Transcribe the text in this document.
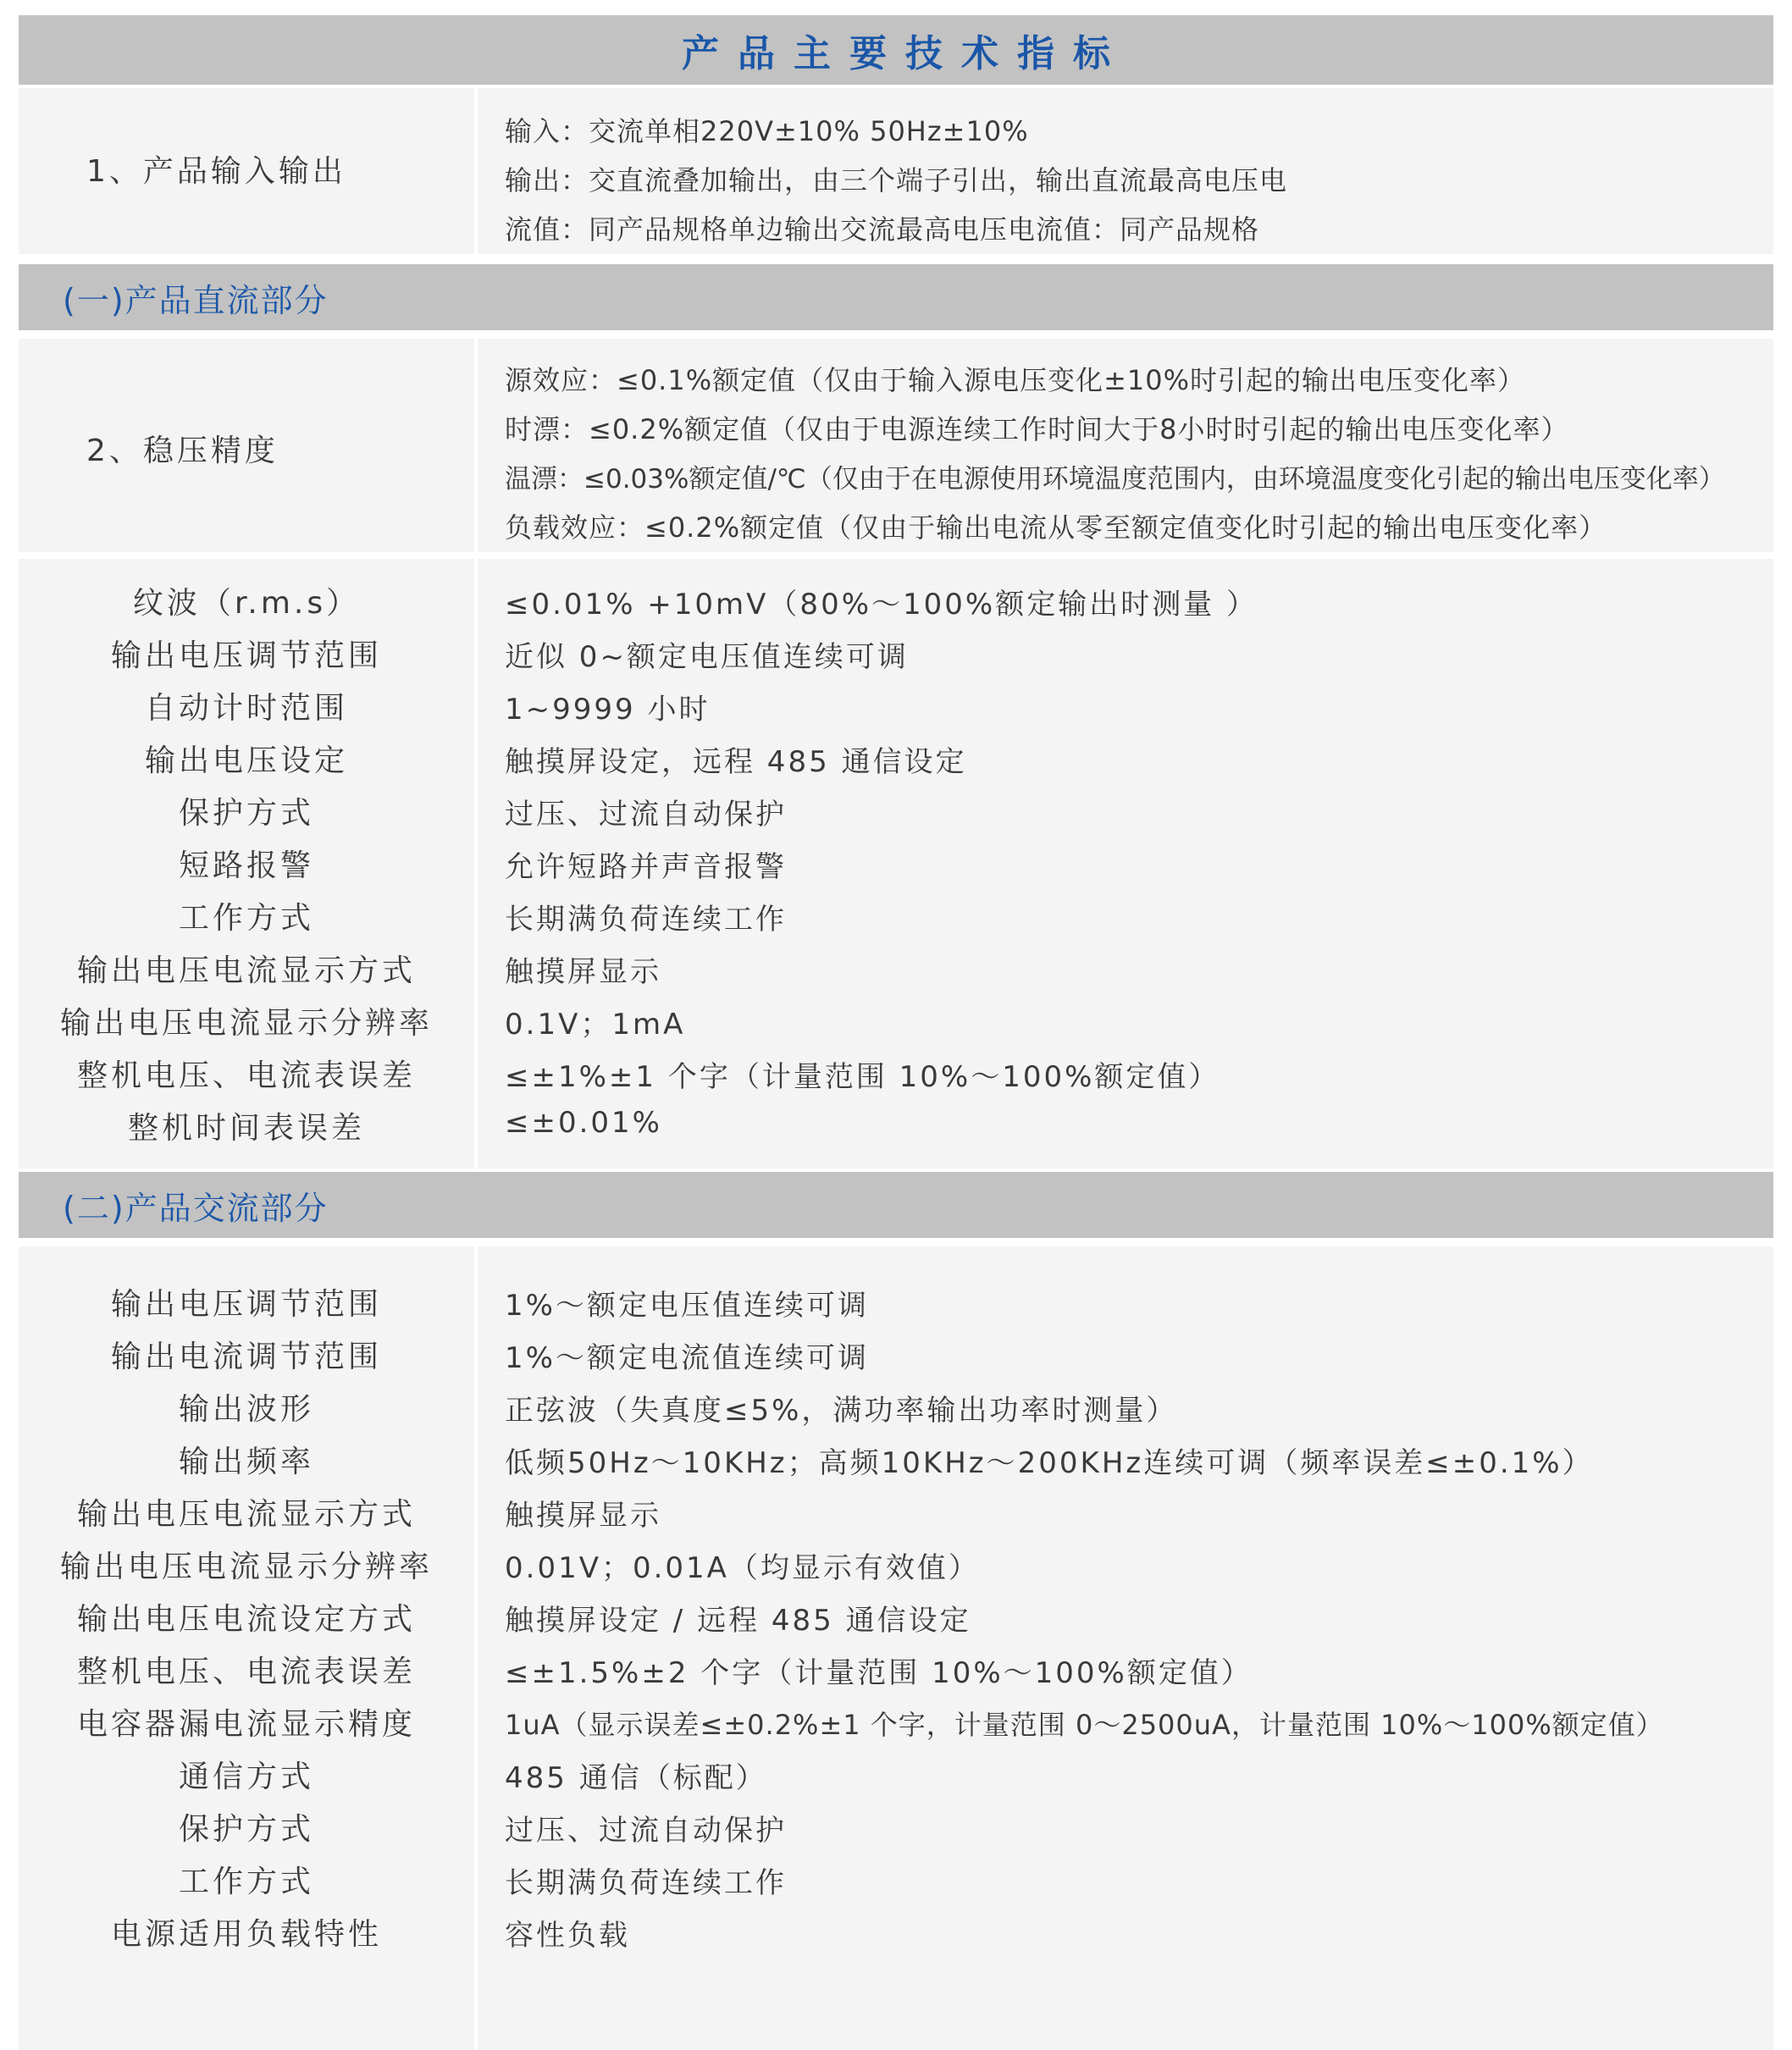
产品主要技术指标
1、产品输入输出
输入：交流单相220V±10% 50Hz±10%
输出：交直流叠加输出，由三个端子引出，输出直流最高电压电
流值：同产品规格单边输出交流最高电压电流值：同产品规格
(一)产品直流部分
2、稳压精度
源效应：≤0.1%额定值（仅由于输入源电压变化±10%时引起的输出电压变化率）
时漂：≤0.2%额定值（仅由于电源连续工作时间大于8小时时引起的输出电压变化率）
温漂：≤0.03%额定值/℃（仅由于在电源使用环境温度范围内，由环境温度变化引起的输出电压变化率）
负载效应：≤0.2%额定值（仅由于输出电流从零至额定值变化时引起的输出电压变化率）
纹波（r.m.s）	≤0.01% +10mV（80%～100%额定输出时测量 ）
输出电压调节范围	近似 0~额定电压值连续可调
自动计时范围	1~9999 小时
输出电压设定	触摸屏设定，远程 485 通信设定
保护方式	过压、过流自动保护
短路报警	允许短路并声音报警
工作方式	长期满负荷连续工作
输出电压电流显示方式	触摸屏显示
输出电压电流显示分辨率	0.1V；1mA
整机电压、电流表误差	≤±1%±1 个字（计量范围 10%～100%额定值）
整机时间表误差	≤±0.01%
(二)产品交流部分
输出电压调节范围	1%～额定电压值连续可调
输出电流调节范围	1%～额定电流值连续可调
输出波形	正弦波（失真度≤5%，满功率输出功率时测量）
输出频率	低频50Hz～10KHz；高频10KHz～200KHz连续可调（频率误差≤±0.1%）
输出电压电流显示方式	触摸屏显示
输出电压电流显示分辨率	0.01V；0.01A（均显示有效值）
输出电压电流设定方式	触摸屏设定 / 远程 485 通信设定
整机电压、电流表误差	≤±1.5%±2 个字（计量范围 10%～100%额定值）
电容器漏电流显示精度	1uA（显示误差≤±0.2%±1 个字，计量范围 0～2500uA，计量范围 10%～100%额定值）
通信方式	485 通信（标配）
保护方式	过压、过流自动保护
工作方式	长期满负荷连续工作
电源适用负载特性	容性负载
